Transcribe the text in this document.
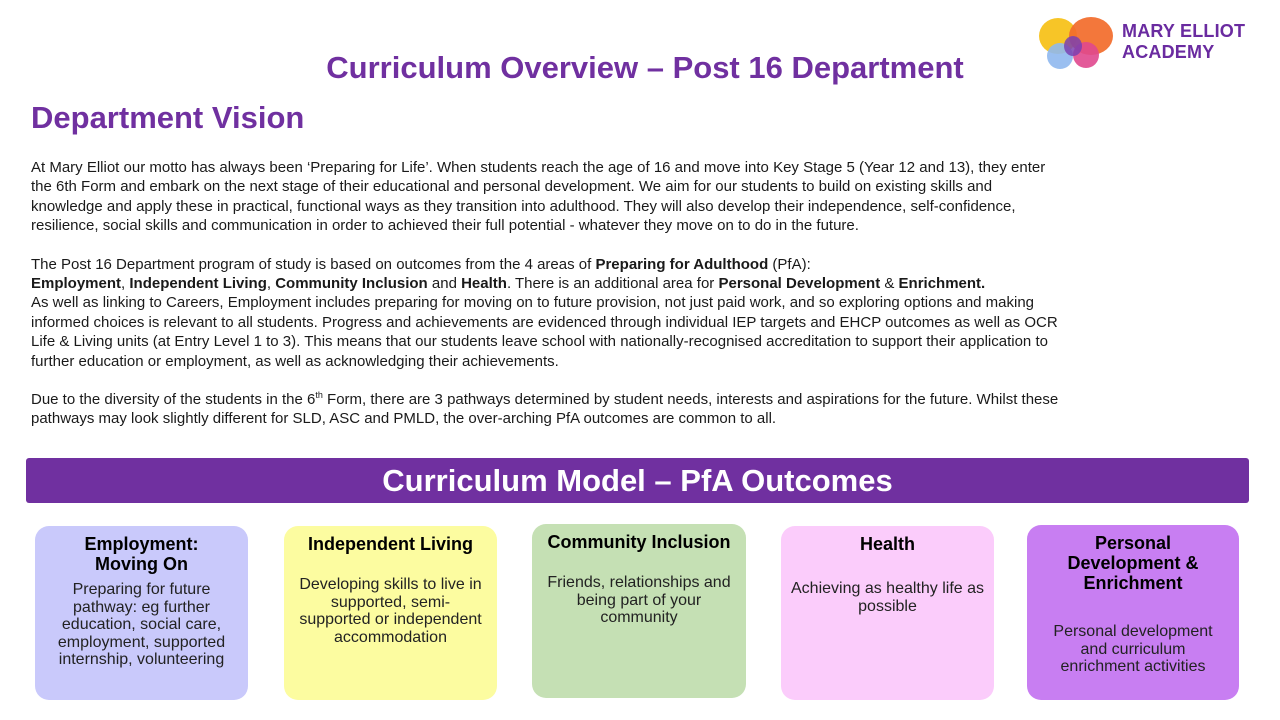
MARY ELLIOT
ACADEMY
Curriculum Overview – Post 16 Department
Department Vision

At Mary Elliot our motto has always been ‘Preparing for Life’. When students reach the age of 16 and move into Key Stage 5 (Year 12 and 13), they enter
the 6th Form and embark on the next stage of their educational and personal development. We aim for our students to build on existing skills and
knowledge and apply these in practical, functional ways as they transition into adulthood. They will also develop their independence, self-confidence,
resilience, social skills and communication in order to achieved their full potential - whatever they move on to do in the future.

The Post 16 Department program of study is based on outcomes from the 4 areas of Preparing for Adulthood (PfA):
Employment, Independent Living, Community Inclusion and Health. There is an additional area for Personal Development & Enrichment.
As well as linking to Careers, Employment includes preparing for moving on to future provision, not just paid work, and so exploring options and making
informed choices is relevant to all students. Progress and achievements are evidenced through individual IEP targets and EHCP outcomes as well as OCR
Life & Living units (at Entry Level 1 to 3). This means that our students leave school with nationally-recognised accreditation to support their application to
further education or employment, as well as acknowledging their achievements.

Due to the diversity of the students in the 6th Form, there are 3 pathways determined by student needs, interests and aspirations for the future. Whilst these
pathways may look slightly different for SLD, ASC and PMLD, the over-arching PfA outcomes are common to all.

Curriculum Model – PfA Outcomes
Employment: Moving On
Preparing for future pathway: eg further education, social care, employment, supported internship, volunteering
Independent Living
Developing skills to live in supported, semi-supported or independent accommodation
Community Inclusion
Friends, relationships and being part of your community
Health
Achieving as healthy life as possible
Personal Development & Enrichment
Personal development and curriculum enrichment activities
